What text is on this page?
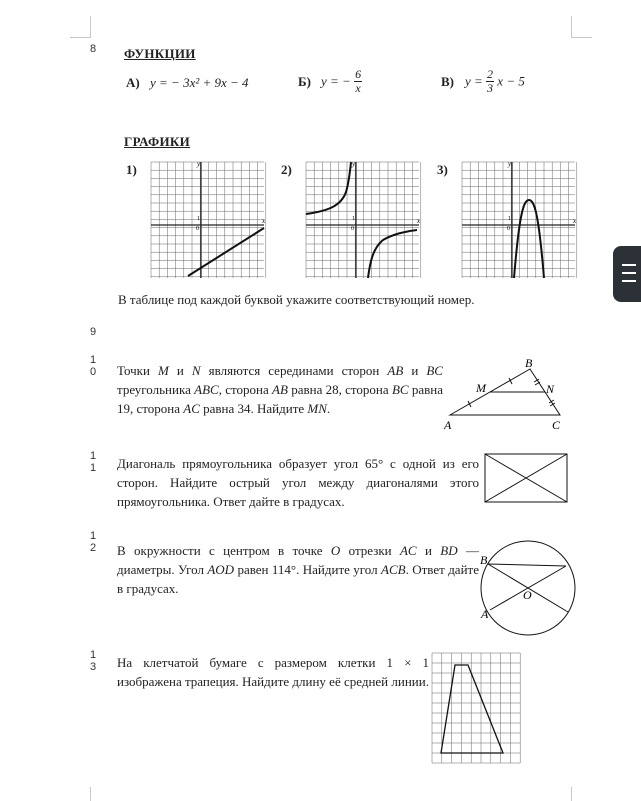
8 ФУНКЦИИ
А) y = − 3x² + 9x − 4	Б) y = − $\frac{6}{x}$	В) $y = \frac{2}{3}$ x − 5
ГРАФИКИ
1)	2)	3)
y
x
1
0
y
x
1
0
y
x
1
0
В таблице под каждой буквой укажите соответствующий номер.
9
1
0 Точки M и N являются серединами сторон AB и BC треугольника ABC, сторона AB равна 28, сторона BC равна 19, сторона AC равна 34. Найдите MN.
B
M	N
A	C
1
1 Диагональ прямоугольника образует угол 65° с одной из его сторон. Найдите острый угол между диагоналями этого прямоугольника. Ответ дайте в градусах.
1
2 В окружности с центром в точке O отрезки AC и BD — диаметры. Угол AOD равен 114°. Найдите угол ACB. Ответ дайте в градусах.
B
O
A
1
3 На клетчатой бумаге с размером клетки 1 × 1 изображена трапеция. Найдите длину её средней линии.
